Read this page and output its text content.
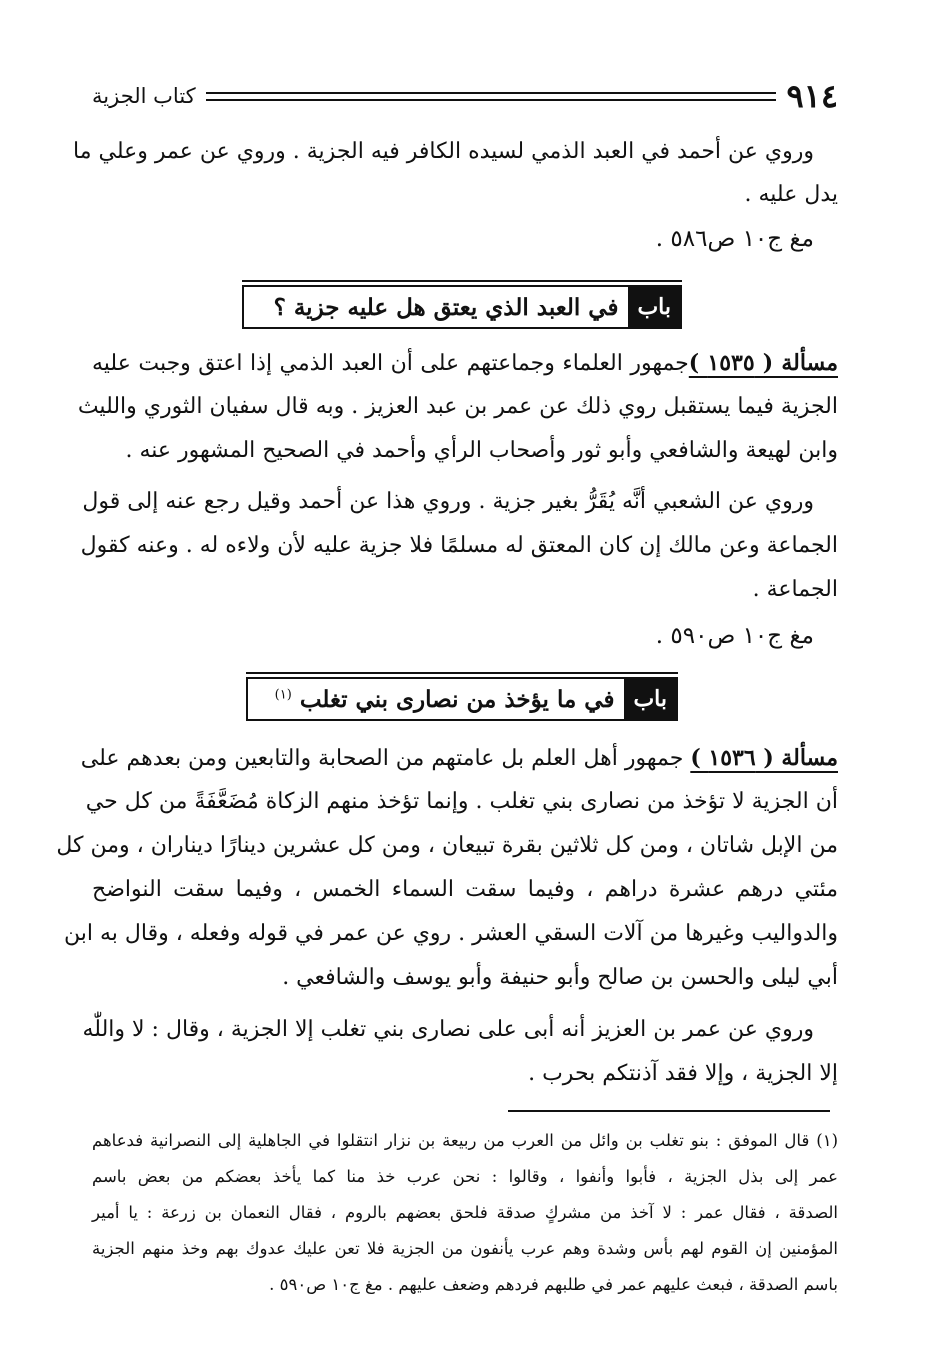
٩١٤
كتاب الجزية
وروي عن أحمد في العبد الذمي لسيده الكافر فيه الجزية . وروي عن عمر وعلي ما
يدل عليه .
مغ ج١٠ ص٥٨٦ .
باب
في العبد الذي يعتق هل عليه جزية ؟
مسألة ( ١٥٣٥ )جمهور العلماء وجماعتهم على أن العبد الذمي إذا اعتق وجبت عليه
الجزية فيما يستقبل روي ذلك عن عمر بن عبد العزيز . وبه قال سفيان الثوري والليث
وابن لهيعة والشافعي وأبو ثور وأصحاب الرأي وأحمد في الصحيح المشهور عنه .
وروي عن الشعبي أنَّه يُقَرُّ بغير جزية . وروي هذا عن أحمد وقيل رجع عنه إلى قول
الجماعة وعن مالك إن كان المعتق له مسلمًا فلا جزية عليه لأن ولاءه له . وعنه كقول
الجماعة .
مغ ج١٠ ص٥٩٠ .
باب
في ما يؤخذ من نصارى بني تغلب $^{(١)}$
مسألة ( ١٥٣٦ ) جمهور أهل العلم بل عامتهم من الصحابة والتابعين ومن بعدهم على
أن الجزية لا تؤخذ من نصارى بني تغلب . وإنما تؤخذ منهم الزكاة مُضَعَّفَةً من كل حي
من الإبل شاتان ، ومن كل ثلاثين بقرة تبيعان ، ومن كل عشرين دينارًا ديناران ، ومن كل
مئتي درهم عشرة دراهم ، وفيما سقت السماء الخمس ، وفيما سقت النواضح
والدواليب وغيرها من آلات السقي العشر . روي عن عمر في قوله وفعله ، وقال به ابن
أبي ليلى والحسن بن صالح وأبو حنيفة وأبو يوسف والشافعي .
وروي عن عمر بن العزيز أنه أبى على نصارى بني تغلب إلا الجزية ، وقال : لا واللّٰه
إلا الجزية ، وإلا فقد آذنتكم بحرب .
(١) قال الموفق : بنو تغلب بن وائل من العرب من ربيعة بن نزار انتقلوا في الجاهلية إلى النصرانية فدعاهم
عمر إلى بذل الجزية ، فأبوا وأنفوا ، وقالوا : نحن عرب خذ منا كما يأخذ بعضكم من بعض باسم
الصدقة ، فقال عمر : لا آخذ من مشركٍ صدقة فلحق بعضهم بالروم ، فقال النعمان بن زرعة : يا أمير
المؤمنين إن القوم لهم بأس وشدة وهم عرب يأنفون من الجزية فلا تعن عليك عدوك بهم وخذ منهم الجزية
باسم الصدقة ، فبعث عليهم عمر في طلبهم فردهم وضعف عليهم . مغ ج١٠ ص٥٩٠ .
